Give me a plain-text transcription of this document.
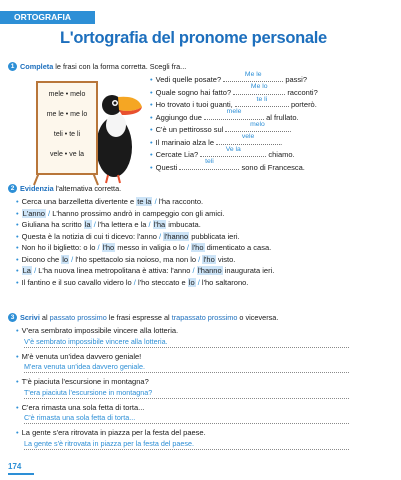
ORTOGRAFIA
L'ortografia del pronome personale
1 Completa le frasi con la forma corretta. Scegli fra...
mele • melo
me le • me lo
teli • te li
vele • ve la
• Vedi quelle posate?
Me le
passi?
• Quale sogno hai fatto?
Me lo
racconti?
• Ho trovato i tuoi guanti,
te li
porterò.
• Aggiungo due
mele
al frullato.
• C'è un pettirosso sul
melo
.
• Il marinaio alza le
vele
.
• Cercate Lia?
Ve la
chiamo.
• Questi
teli
sono di Francesca.
2 Evidenzia l'alternativa corretta.
• Cerca una barzelletta divertente e te la / l'ha racconto.
• L'anno / L'hanno prossimo andrò in campeggio con gli amici.
• Giuliana ha scritto la / l'ha lettera e la / l'ha imbucata.
• Questa è la notizia di cui ti dicevo: l'anno / l'hanno pubblicata ieri.
• Non ho il biglietto: o lo / l'ho messo in valigia o lo / l'ho dimenticato a casa.
• Dicono che lo / l'ho spettacolo sia noioso, ma non lo / l'ho visto.
• La / L'ha nuova linea metropolitana è attiva: l'anno / l'hanno inaugurata ieri.
• Il fantino e il suo cavallo videro lo / l'ho steccato e lo / l'ho saltarono.
3 Scrivi al passato prossimo le frasi espresse al trapassato prossimo o viceversa.
• V'era sembrato impossibile vincere alla lotteria.
V'è sembrato impossibile vincere alla lotteria.
• M'è venuta un'idea davvero geniale!
M'era venuta un'idea davvero geniale.
• T'è piaciuta l'escursione in montagna?
T'era piaciuta l'escursione in montagna?
• C'era rimasta una sola fetta di torta...
C'è rimasta una sola fetta di torta...
• La gente s'era ritrovata in piazza per la festa del paese.
La gente s'è ritrovata in piazza per la festa del paese.
174
